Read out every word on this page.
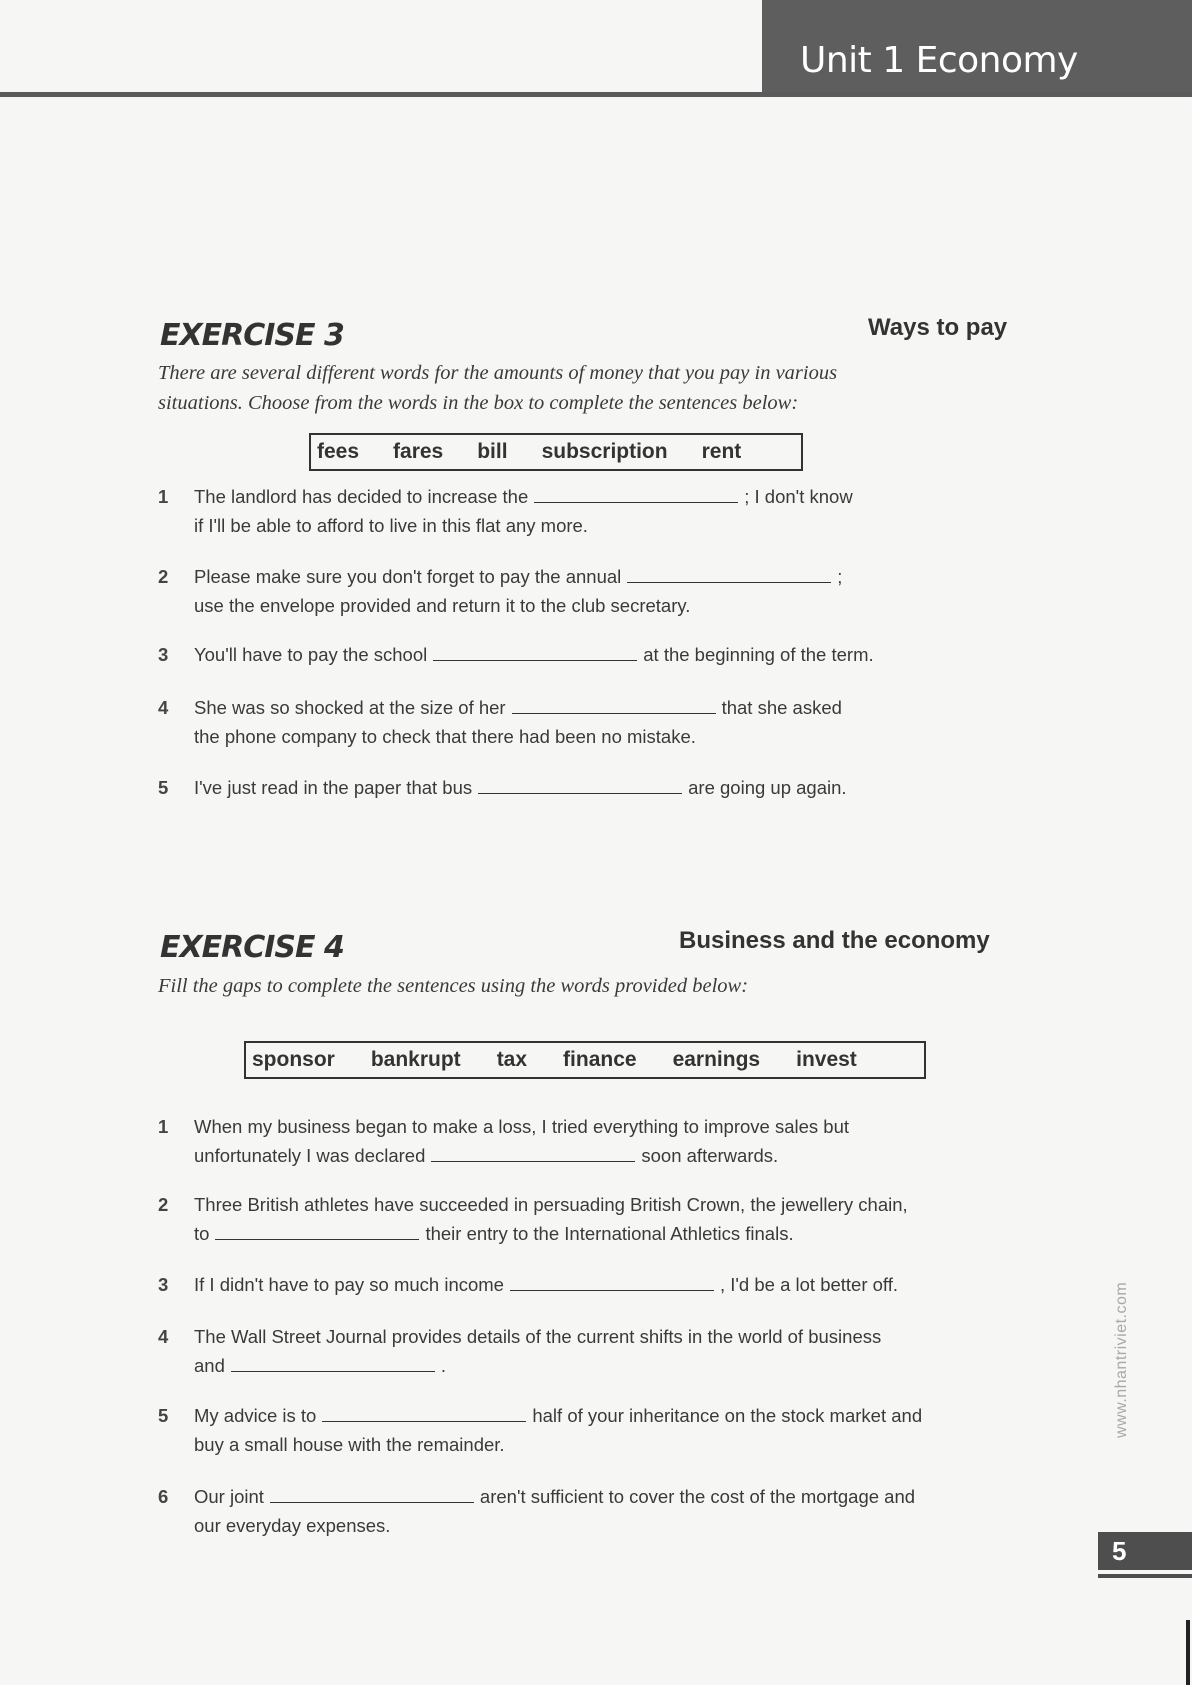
Unit 1 Economy
EXERCISE 3	Ways to pay
There are several different words for the amounts of money that you pay in various
situations. Choose from the words in the box to complete the sentences below:
fees fares bill subscription rent
1 The landlord has decided to increase the	; I don't know
if I'll be able to afford to live in this flat any more.
2 Please make sure you don't forget to pay the annual	;
use the envelope provided and return it to the club secretary.
3 You'll have to pay the school	at the beginning of the term.
4 She was so shocked at the size of her	that she asked
the phone company to check that there had been no mistake.
5 I've just read in the paper that bus	are going up again.
EXERCISE 4	Business and the economy
Fill the gaps to complete the sentences using the words provided below:
sponsor bankrupt tax finance earnings invest
1 When my business began to make a loss, I tried everything to improve sales but
unfortunately I was declared	soon afterwards.
2 Three British athletes have succeeded in persuading British Crown, the jewellery chain,
to	their entry to the International Athletics finals.
3 If I didn't have to pay so much income	, I'd be a lot better off.
4 The Wall Street Journal provides details of the current shifts in the world of business
and	.
5 My advice is to	half of your inheritance on the stock market and
buy a small house with the remainder.
6 Our joint	aren't sufficient to cover the cost of the mortgage and
our everyday expenses.
www.nhantriviet.com
5
